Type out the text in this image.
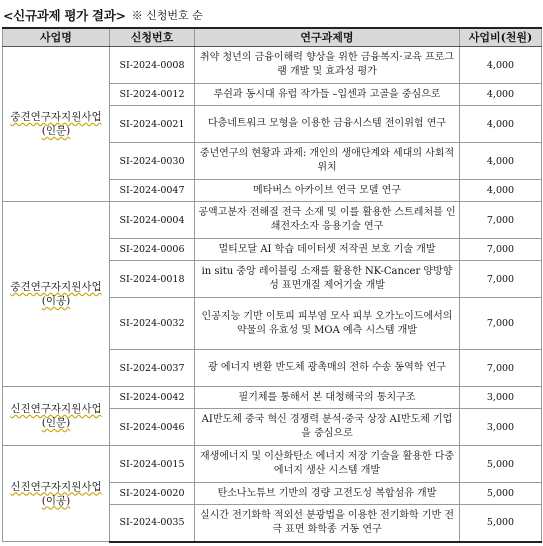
<신규과제 평가 결과> ※ 신청번호 순
사업명	신청번호	연구과제명	사업비(천원)
중견연구자지원사업 (인문)	SI-2024-0008	취약 청년의 금융이해력 향상을 위한 금융복지·교육 프로그램 개발 및 효과성 평가	4,000
	SI-2024-0012	루쉰과 동시대 유럽 작가들 –입센과 고골을 중심으로	4,000
	SI-2024-0021	다층네트워크 모형을 이용한 금융시스템 전이위험 연구	4,000
	SI-2024-0030	중년연구의 현황과 과제: 개인의 생애단계와 세대의 사회적 위치	4,000
	SI-2024-0047	메타버스 아카이브 연극 모델 연구	4,000
중견연구자지원사업 (이공)	SI-2024-0004	공액고분자 전해질 전극 소재 및 이를 활용한 스트레처블 인쇄전자소자 응용기술 연구	7,000
	SI-2024-0006	멀티모달 AI 학습 데이터셋 저작권 보호 기술 개발	7,000
	SI-2024-0018	in situ 중앙 레이블링 소재를 활용한 NK-Cancer 양방향성 표면개질 제어기술 개발	7,000
	SI-2024-0032	인공지능 기반 이토피 피부염 모사 피부 오가노이드에서의 약물의 유효성 및 MOA 예측 시스템 개발	7,000
	SI-2024-0037	광 에너지 변환 반도체 광촉매의 전하 수송 동역학 연구	7,000
신진연구자지원사업 (인문)	SI-2024-0042	필기체를 통해서 본 대청해국의 통치구조	3,000
	SI-2024-0046	AI반도체 중국 혁신 경쟁력 분석·중국 상장 AI반도체 기업을 중심으로	3,000
신진연구자지원사업 (이공)	SI-2024-0015	재생에너지 및 이산화탄소 에너지 저장 기술을 활용한 다중 에너지 생산 시스템 개발	5,000
	SI-2024-0020	탄소나노튜브 기반의 경량 고전도성 복합섬유 개발	5,000
	SI-2024-0035	실시간 전기화학 적외선 분광법을 이용한 전기화학 기반 전극 표면 화학종 거동 연구	5,000
